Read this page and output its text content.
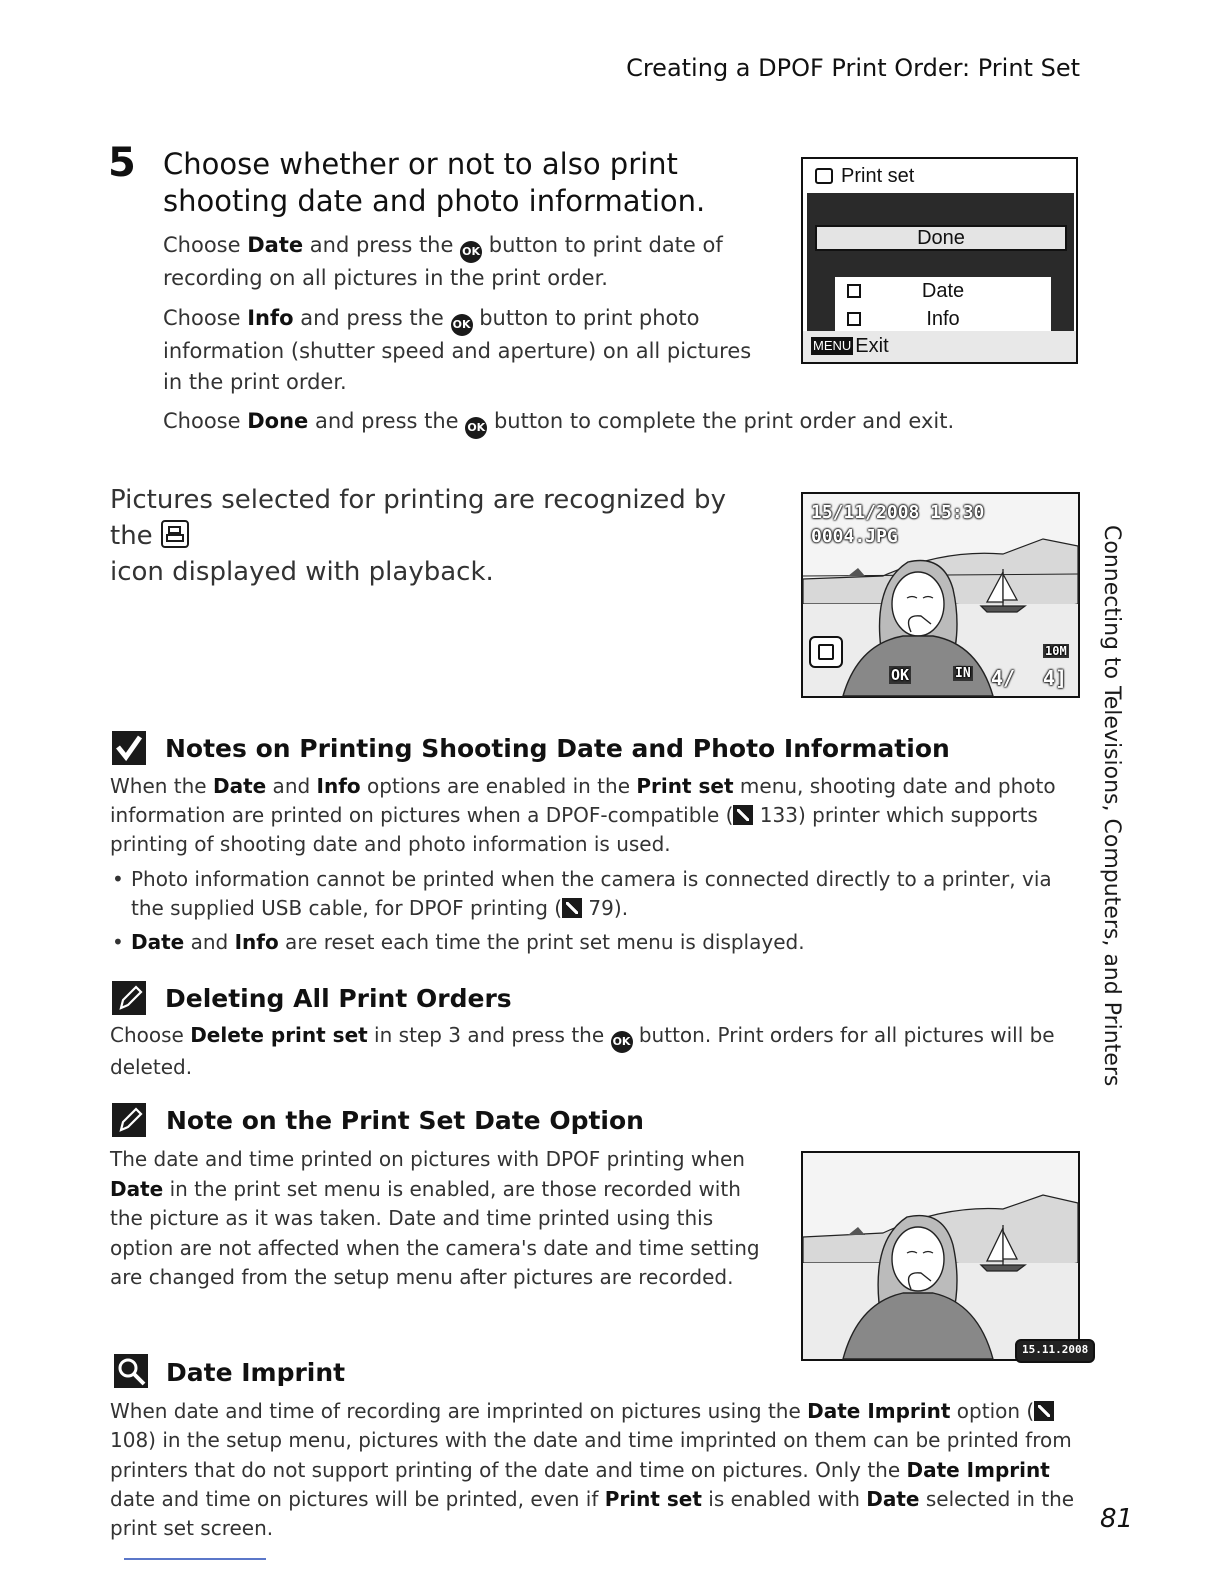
Creating a DPOF Print Order: Print Set
5 Choose whether or not to also print shooting date and photo information.
Choose Date and press the OK button to print date of recording on all pictures in the print order.
Choose Info and press the OK button to print photo information (shutter speed and aperture) on all pictures in the print order.
Choose Done and press the OK button to complete the print order and exit.
Print set
Done
Date
Info
MENU Exit
Pictures selected for printing are recognized by the
icon displayed with playback.
15/11/2008 15:30
0004.JPG
OK	IN
10M
4/ 4]
Notes on Printing Shooting Date and Photo Information
When the Date and Info options are enabled in the Print set menu, shooting date and photo information are printed on pictures when a DPOF-compatible ( 133) printer which supports printing of shooting date and photo information is used.
• Photo information cannot be printed when the camera is connected directly to a printer, via the supplied USB cable, for DPOF printing ( 79).
• Date and Info are reset each time the print set menu is displayed.
Deleting All Print Orders
Choose Delete print set in step 3 and press the OK button. Print orders for all pictures will be deleted.
Note on the Print Set Date Option
The date and time printed on pictures with DPOF printing when Date in the print set menu is enabled, are those recorded with the picture as it was taken. Date and time printed using this option are not affected when the camera's date and time setting are changed from the setup menu after pictures are recorded.
15.11.2008
Date Imprint
When date and time of recording are imprinted on pictures using the Date Imprint option ( 108) in the setup menu, pictures with the date and time imprinted on them can be printed from printers that do not support printing of the date and time on pictures. Only the Date Imprint date and time on pictures will be printed, even if Print set is enabled with Date selected in the print set screen.
Connecting to Televisions, Computers, and Printers
81
